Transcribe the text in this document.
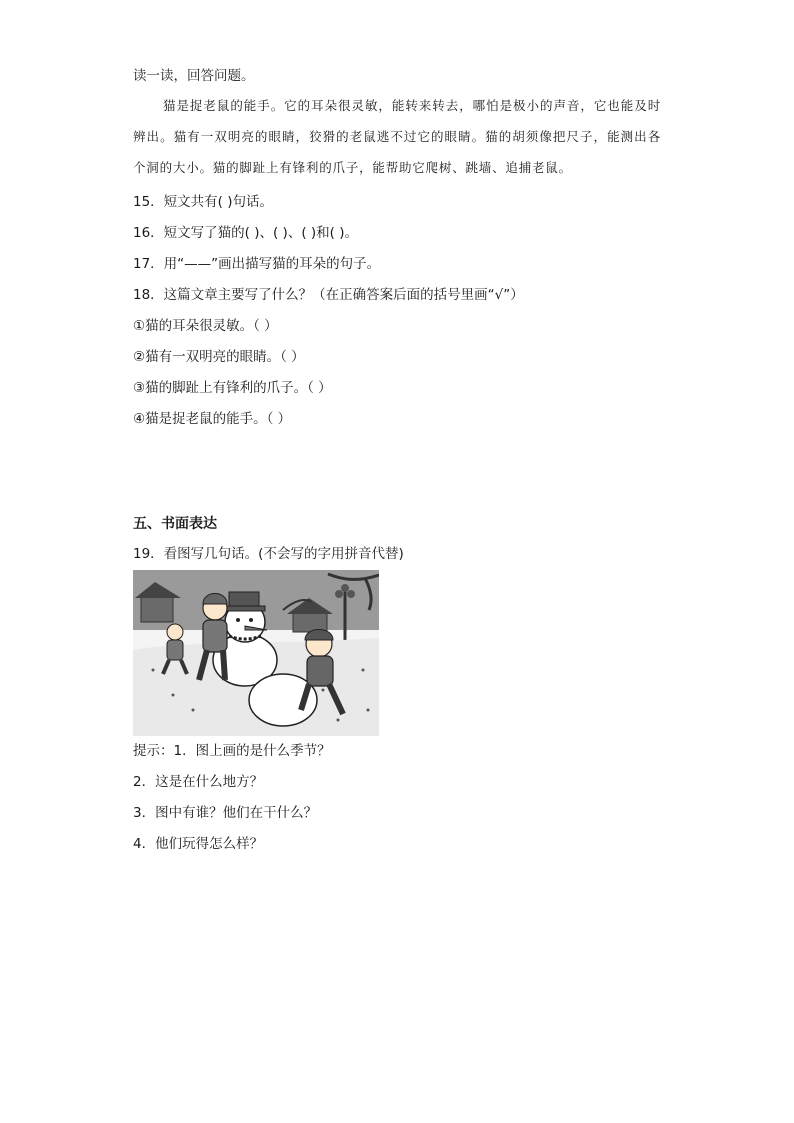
读一读，回答问题。

猫是捉老鼠的能手。它的耳朵很灵敏，能转来转去，哪怕是极小的声音，它也能及时辨出。猫有一双明亮的眼睛，狡猾的老鼠逃不过它的眼睛。猫的胡须像把尺子，能测出各个洞的大小。猫的脚趾上有锋利的爪子，能帮助它爬树、跳墙、追捕老鼠。

15．短文共有( )句话。
16．短文写了猫的( )、( )、( )和( )。
17．用“——”画出描写猫的耳朵的句子。
18．这篇文章主要写了什么？（在正确答案后面的括号里画“√”）
①猫的耳朵很灵敏。（ ）
②猫有一双明亮的眼睛。（ ）
③猫的脚趾上有锋利的爪子。（ ）
④猫是捉老鼠的能手。（ ）
五、书面表达
19．看图写几句话。(不会写的字用拼音代替)
提示：1．图上画的是什么季节？
2．这是在什么地方？
3．图中有谁？他们在干什么？
4．他们玩得怎么样？
